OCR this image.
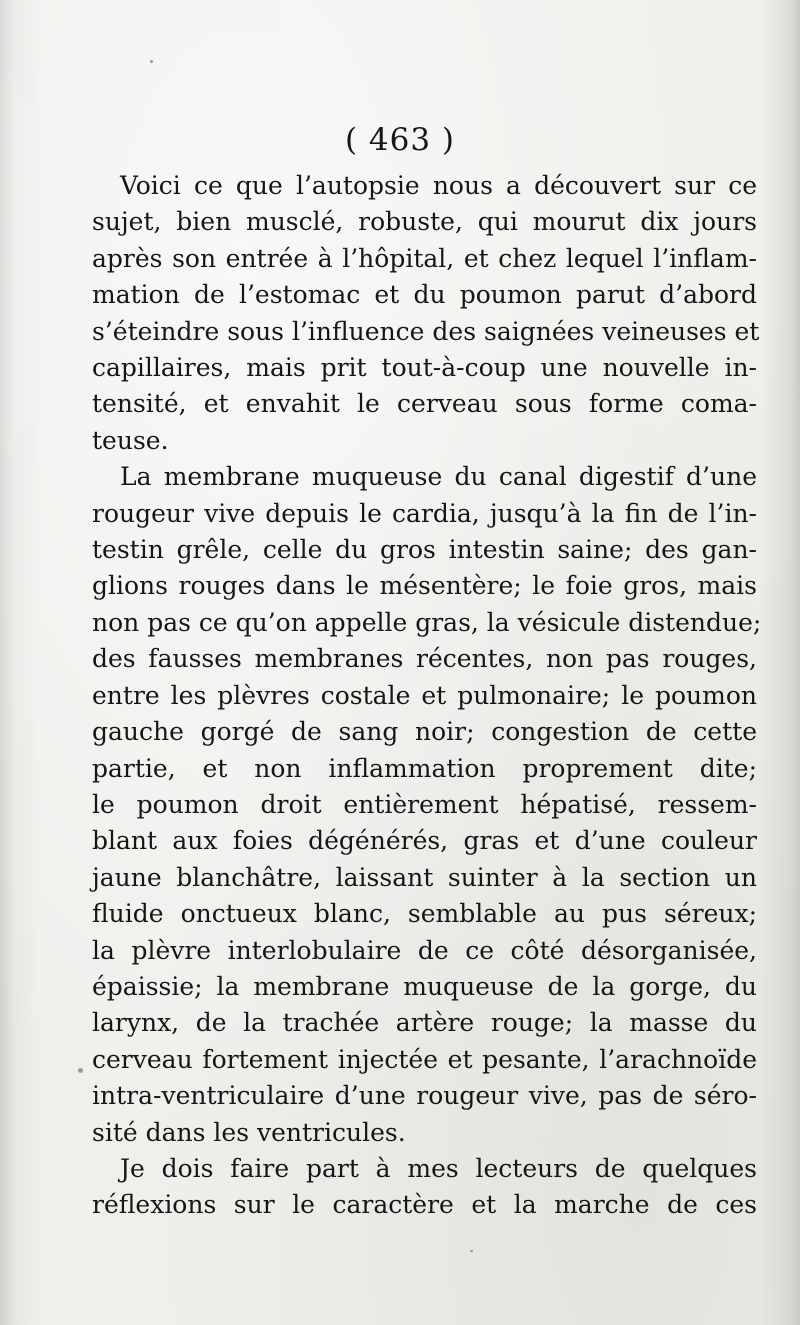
( 463 )

Voici ce que l’autopsie nous a découvert sur ce
sujet, bien musclé, robuste, qui mourut dix jours
après son entrée à l’hôpital, et chez lequel l’inflam-
mation de l’estomac et du poumon parut d’abord
s’éteindre sous l’influence des saignées veineuses et
capillaires, mais prit tout-à-coup une nouvelle in-
tensité, et envahit le cerveau sous forme coma-
teuse.

La membrane muqueuse du canal digestif d’une
rougeur vive depuis le cardia, jusqu’à la fin de l’in-
testin grêle, celle du gros intestin saine; des gan-
glions rouges dans le mésentère; le foie gros, mais
non pas ce qu’on appelle gras, la vésicule distendue;
des fausses membranes récentes, non pas rouges,
entre les plèvres costale et pulmonaire; le poumon
gauche gorgé de sang noir; congestion de cette
partie, et non inflammation proprement dite;
le poumon droit entièrement hépatisé, ressem-
blant aux foies dégénérés, gras et d’une couleur
jaune blanchâtre, laissant suinter à la section un
fluide onctueux blanc, semblable au pus séreux;
la plèvre interlobulaire de ce côté désorganisée,
épaissie; la membrane muqueuse de la gorge, du
larynx, de la trachée artère rouge; la masse du
cerveau fortement injectée et pesante, l’arachnoïde
intra-ventriculaire d’une rougeur vive, pas de séro-
sité dans les ventricules.

Je dois faire part à mes lecteurs de quelques
réflexions sur le caractère et la marche de ces
